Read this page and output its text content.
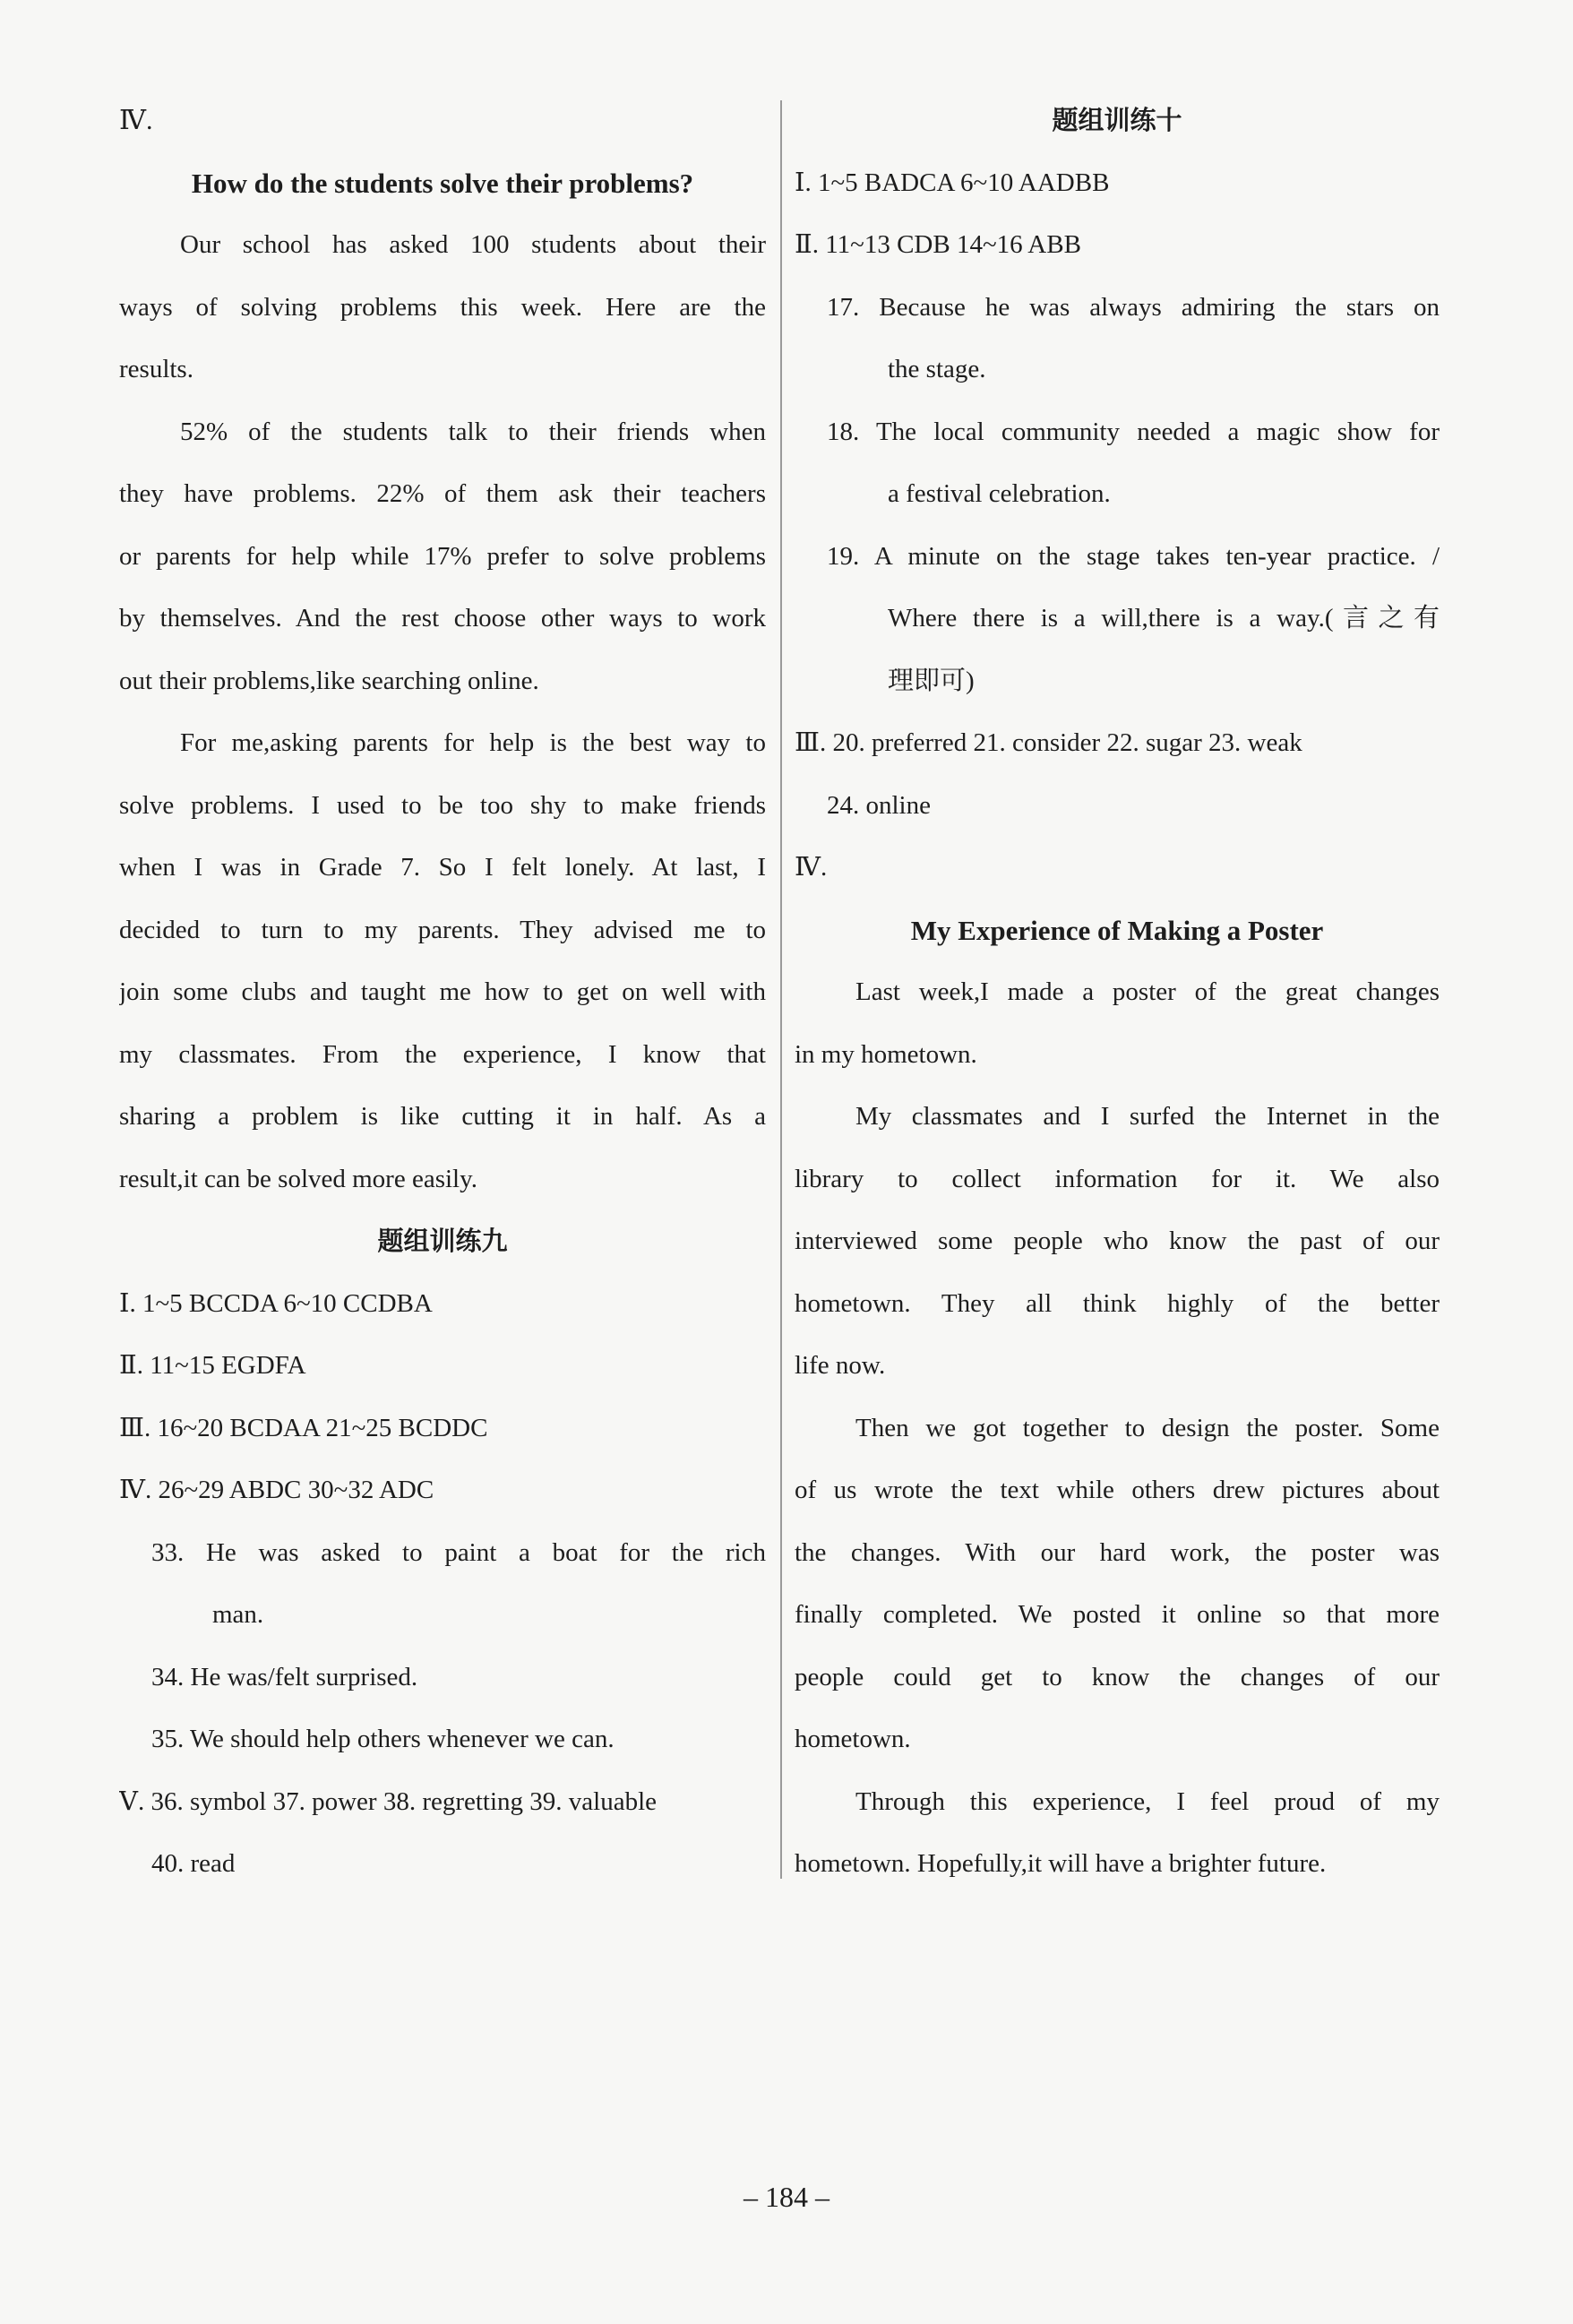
Ⅳ.
How do the students solve their problems?
Our school has asked 100 students about their
ways of solving problems this week. Here are the
results.
52% of the students talk to their friends when
they have problems. 22% of them ask their teachers
or parents for help while 17% prefer to solve problems
by themselves. And the rest choose other ways to work
out their problems,like searching online.
For me,asking parents for help is the best way to
solve problems. I used to be too shy to make friends
when I was in Grade 7. So I felt lonely. At last, I
decided to turn to my parents. They advised me to
join some clubs and taught me how to get on well with
my classmates. From the experience, I know that
sharing a problem is like cutting it in half. As a
result,it can be solved more easily.
题组训练九
Ⅰ. 1~5 BCCDA 6~10 CCDBA
Ⅱ. 11~15 EGDFA
Ⅲ. 16~20 BCDAA 21~25 BCDDC
Ⅳ. 26~29 ABDC 30~32 ADC
33. He was asked to paint a boat for the rich
man.
34. He was/felt surprised.
35. We should help others whenever we can.
Ⅴ. 36. symbol 37. power 38. regretting 39. valuable
40. read
题组训练十
Ⅰ. 1~5 BADCA 6~10 AADBB
Ⅱ. 11~13 CDB 14~16 ABB
17. Because he was always admiring the stars on
the stage.
18. The local community needed a magic show for
a festival celebration.
19. A minute on the stage takes ten-year practice. /
Where there is a will,there is a way.(言之有
理即可)
Ⅲ. 20. preferred 21. consider 22. sugar 23. weak
24. online
Ⅳ.
My Experience of Making a Poster
Last week,I made a poster of the great changes
in my hometown.
My classmates and I surfed the Internet in the
library to collect information for it. We also
interviewed some people who know the past of our
hometown. They all think highly of the better
life now.
Then we got together to design the poster. Some
of us wrote the text while others drew pictures about
the changes. With our hard work, the poster was
finally completed. We posted it online so that more
people could get to know the changes of our
hometown.
Through this experience, I feel proud of my
hometown. Hopefully,it will have a brighter future.
– 184 –
